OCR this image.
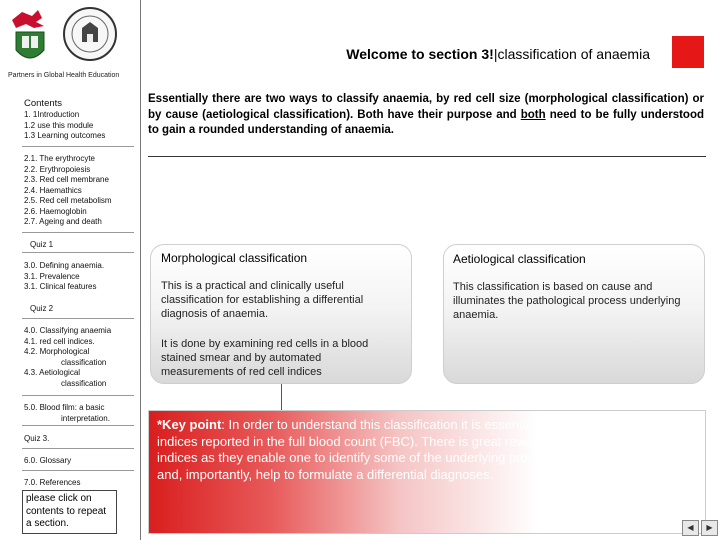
Partners in Global Health Education
Contents
1. 1Introduction
1.2 use this module
1.3 Learning outcomes
2.1. The erythrocyte
2.2. Erythropoiesis
2.3. Red cell membrane
2.4. Haemathics
2.5. Red cell metabolism
2.6. Haemoglobin
2.7. Ageing and death
Quiz 1
3.0. Defining anaemia.
3.1. Prevalence
3.1. Clinical features
Quiz 2
4.0. Classifying anaemia
4.1. red cell indices.
4.2. Morphological
classification
4.3. Aetiological
classification
5.0. Blood film: a basic
interpretation.
Quiz 3.
6.0. Glossary
7.0. References
please click on contents to repeat a section.
Welcome to section 3!|classification of anaemia
Essentially there are two ways to classify anaemia, by red cell size (morphological classification) or by cause (aetiological classification). Both have their purpose and both need to be fully understood to gain a rounded understanding of anaemia.
Morphological classification
This is a practical and clinically useful classification for establishing a differential diagnosis of anaemia.
It is done by examining red cells in a blood stained smear and by automated measurements of red cell indices
Aetiological classification
This classification is based on cause and illuminates the pathological process underlying anaemia.
*Key point: In order to understand this classification it is essential to understand red cell indices reported in the full blood count (FBC). There is great reward in understanding these indices as they enable one to identify some of the underlying processes leading to anaemia and, importantly, help to formulate a differential diagnoses.
◀	▶
